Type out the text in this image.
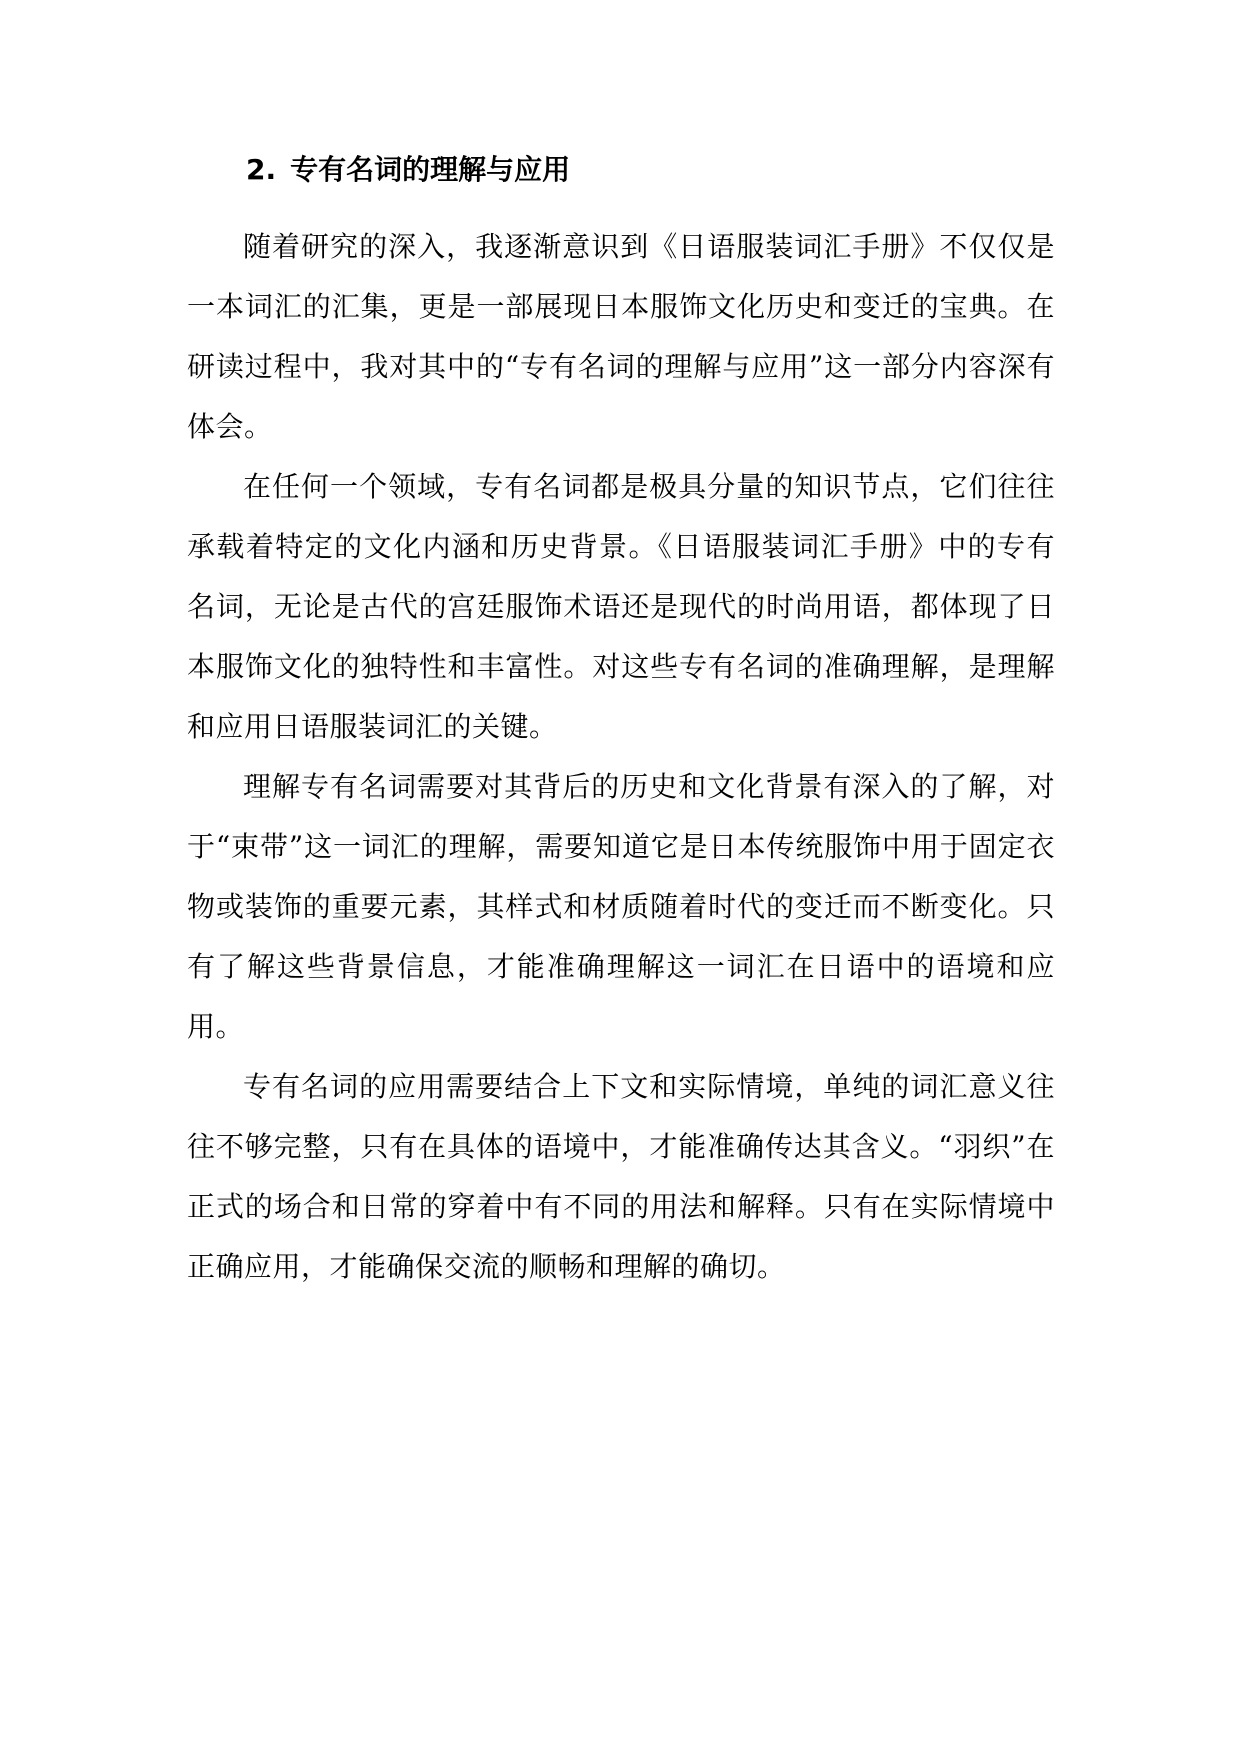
2. 专有名词的理解与应用

随着研究的深入，我逐渐意识到《日语服装词汇手册》不仅仅是一本词汇的汇集，更是一部展现日本服饰文化历史和变迁的宝典。在研读过程中，我对其中的“专有名词的理解与应用”这一部分内容深有体会。

在任何一个领域，专有名词都是极具分量的知识节点，它们往往承载着特定的文化内涵和历史背景。《日语服装词汇手册》中的专有名词，无论是古代的宫廷服饰术语还是现代的时尚用语，都体现了日本服饰文化的独特性和丰富性。对这些专有名词的准确理解，是理解和应用日语服装词汇的关键。

理解专有名词需要对其背后的历史和文化背景有深入的了解，对于“束带”这一词汇的理解，需要知道它是日本传统服饰中用于固定衣物或装饰的重要元素，其样式和材质随着时代的变迁而不断变化。只有了解这些背景信息，才能准确理解这一词汇在日语中的语境和应用。

专有名词的应用需要结合上下文和实际情境，单纯的词汇意义往往不够完整，只有在具体的语境中，才能准确传达其含义。“羽织”在正式的场合和日常的穿着中有不同的用法和解释。只有在实际情境中正确应用，才能确保交流的顺畅和理解的确切。
